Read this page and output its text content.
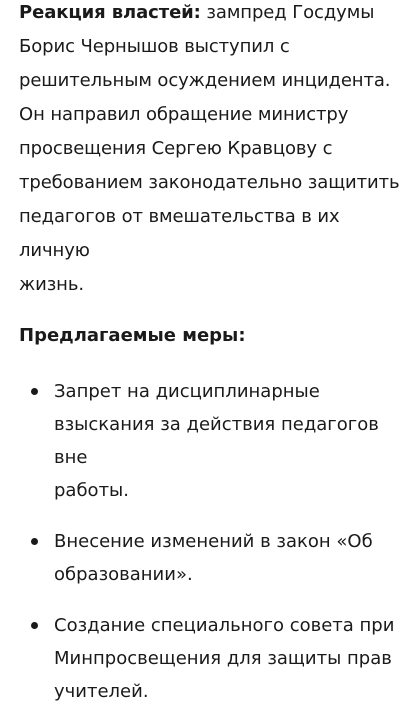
Реакция властей: зампред Госдумы
Борис Чернышов выступил с
решительным осуждением инцидента.
Он направил обращение министру
просвещения Сергею Кравцову с
требованием законодательно защитить
педагогов от вмешательства в их личную
жизнь.

Предлагаемые меры:
Запрет на дисциплинарные
взыскания за действия педагогов вне
работы.
Внесение изменений в закон «Об
образовании».
Создание специального совета при
Минпросвещения для защиты прав
учителей.
